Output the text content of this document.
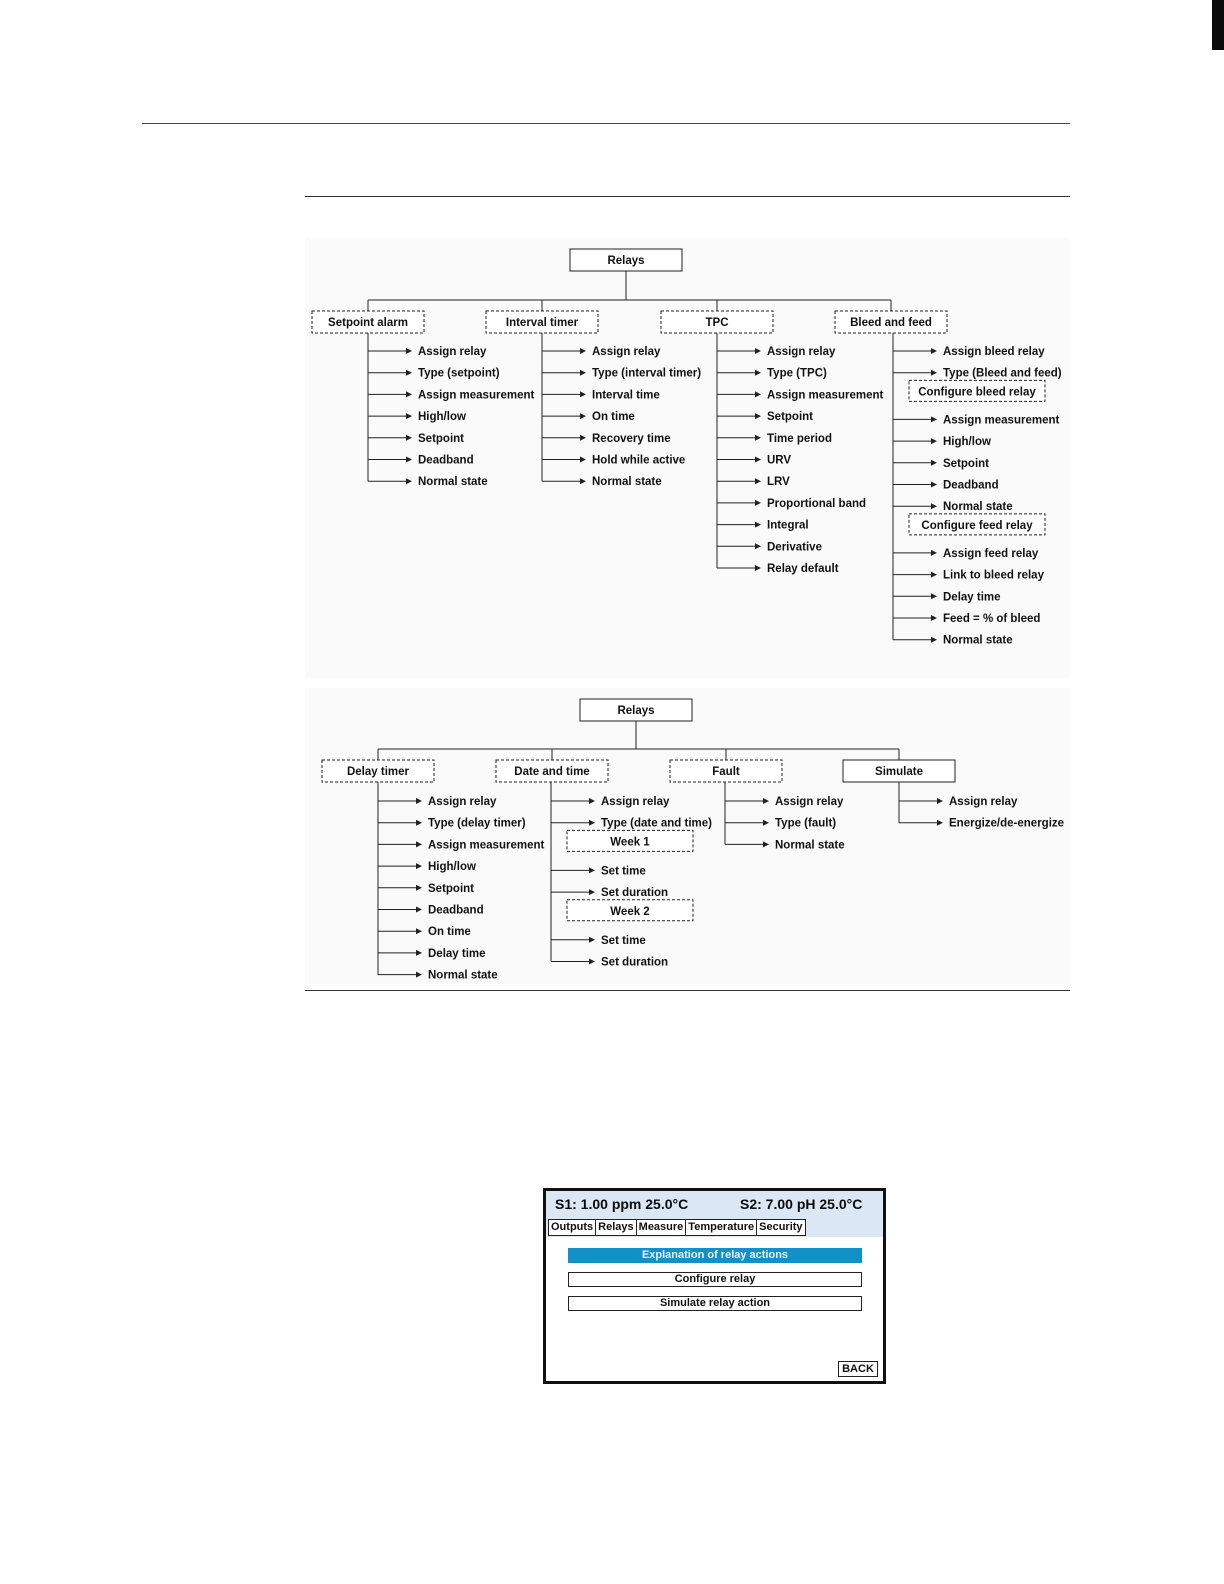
Relays
Setpoint alarm
Assign relay
Type (setpoint)
Assign measurement
High/low
Setpoint
Deadband
Normal state
Interval timer
Assign relay
Type (interval timer)
Interval time
On time
Recovery time
Hold while active
Normal state
TPC
Assign relay
Type (TPC)
Assign measurement
Setpoint
Time period
URV
LRV
Proportional band
Integral
Derivative
Relay default
Bleed and feed
Assign bleed relay
Type (Bleed and feed)
Configure bleed relay
Assign measurement
High/low
Setpoint
Deadband
Normal state
Configure feed relay
Assign feed relay
Link to bleed relay
Delay time
Feed = % of bleed
Normal state
Relays
Delay timer
Assign relay
Type (delay timer)
Assign measurement
High/low
Setpoint
Deadband
On time
Delay time
Normal state
Date and time
Assign relay
Type (date and time)
Week 1
Set time
Set duration
Week 2
Set time
Set duration
Fault
Assign relay
Type (fault)
Normal state
Simulate
Assign relay
Energize/de-energize
S1: 1.00 ppm 25.0°C	S2: 7.00 pH 25.0°C
Outputs Relays Measure Temperature Security
Explanation of relay actions
Configure relay
Simulate relay action
BACK
